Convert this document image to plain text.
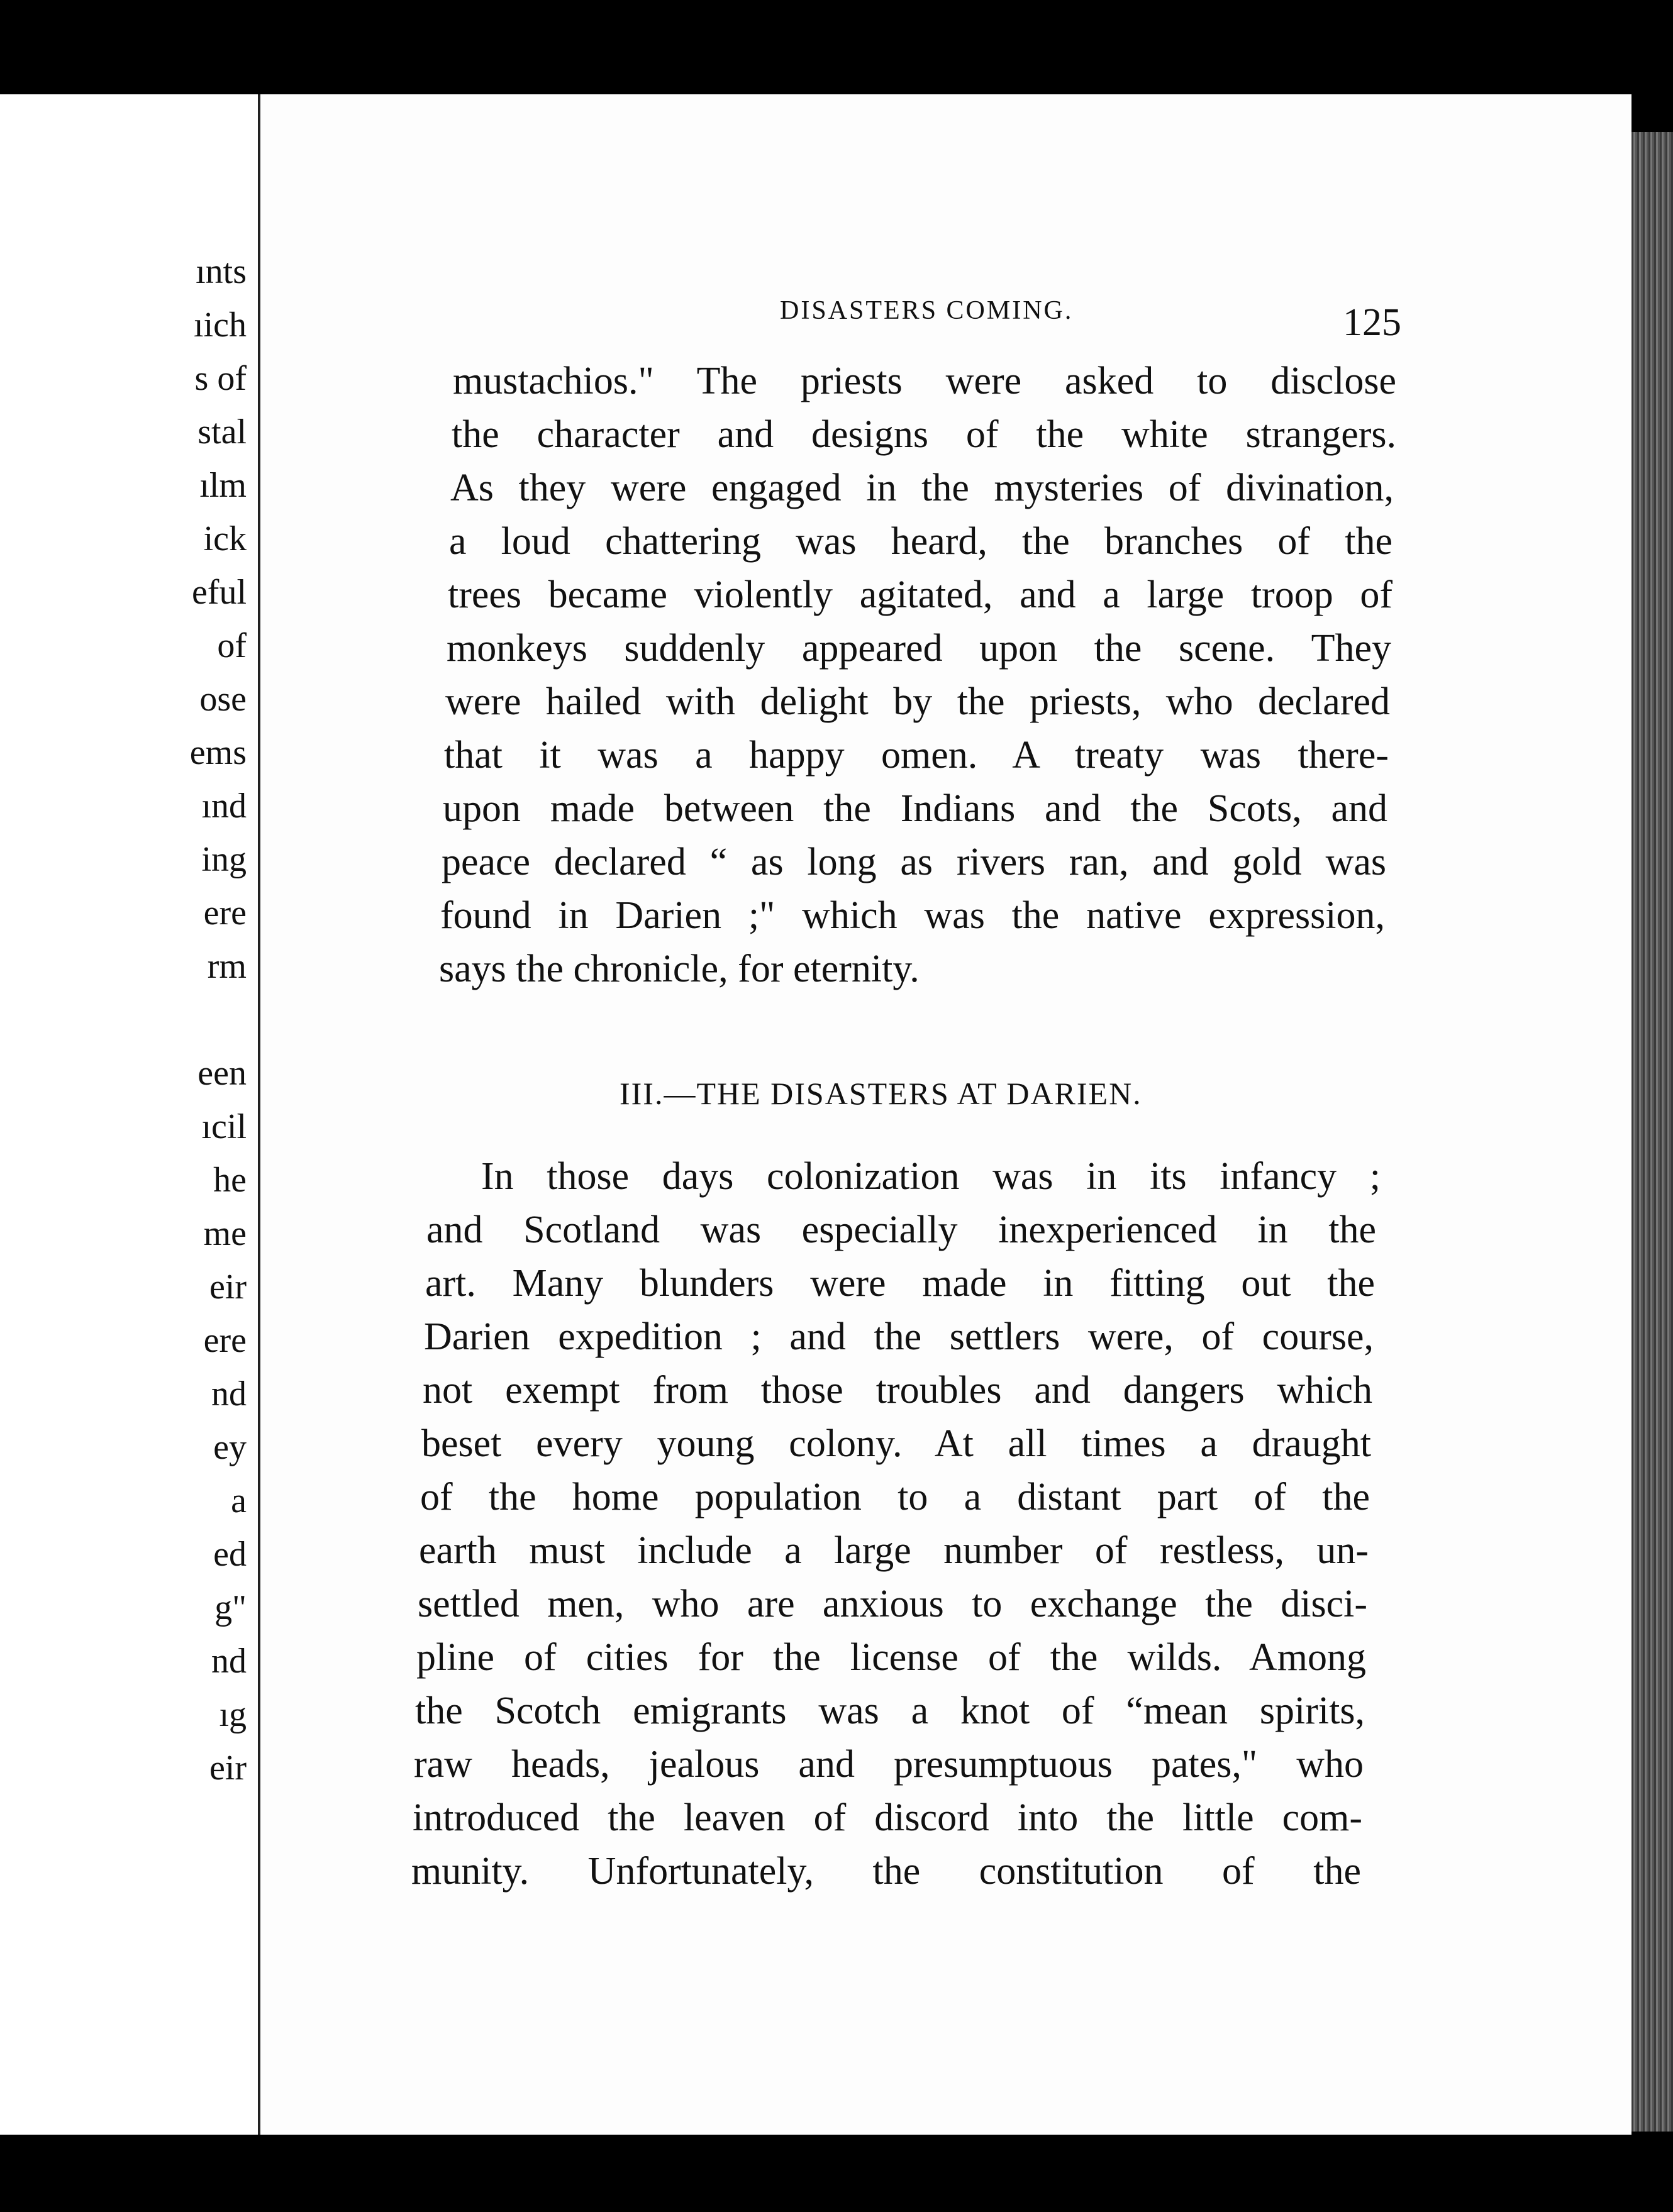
ınts
ıich
s of
stal
ılm
ick
eful
of
ose
ems
ınd
ing
ere
rm
een
ıcil
he
me
eir
ere
nd
ey
a
ed
g"
nd
ıg
eir
DISASTERS COMING.	125
mustachios." The priests were asked to disclose
the character and designs of the white strangers.
As they were engaged in the mysteries of divination,
a loud chattering was heard, the branches of the
trees became violently agitated, and a large troop of
monkeys suddenly appeared upon the scene. They
were hailed with delight by the priests, who declared
that it was a happy omen. A treaty was there-
upon made between the Indians and the Scots, and
peace declared “ as long as rivers ran, and gold was
found in Darien ;" which was the native expression,
says the chronicle, for eternity.
III.—THE DISASTERS AT DARIEN.
In those days colonization was in its infancy ;
and Scotland was especially inexperienced in the
art. Many blunders were made in fitting out the
Darien expedition ; and the settlers were, of course,
not exempt from those troubles and dangers which
beset every young colony. At all times a draught
of the home population to a distant part of the
earth must include a large number of restless, un-
settled men, who are anxious to exchange the disci-
pline of cities for the license of the wilds. Among
the Scotch emigrants was a knot of “mean spirits,
raw heads, jealous and presumptuous pates," who
introduced the leaven of discord into the little com-
munity. Unfortunately, the constitution of the
